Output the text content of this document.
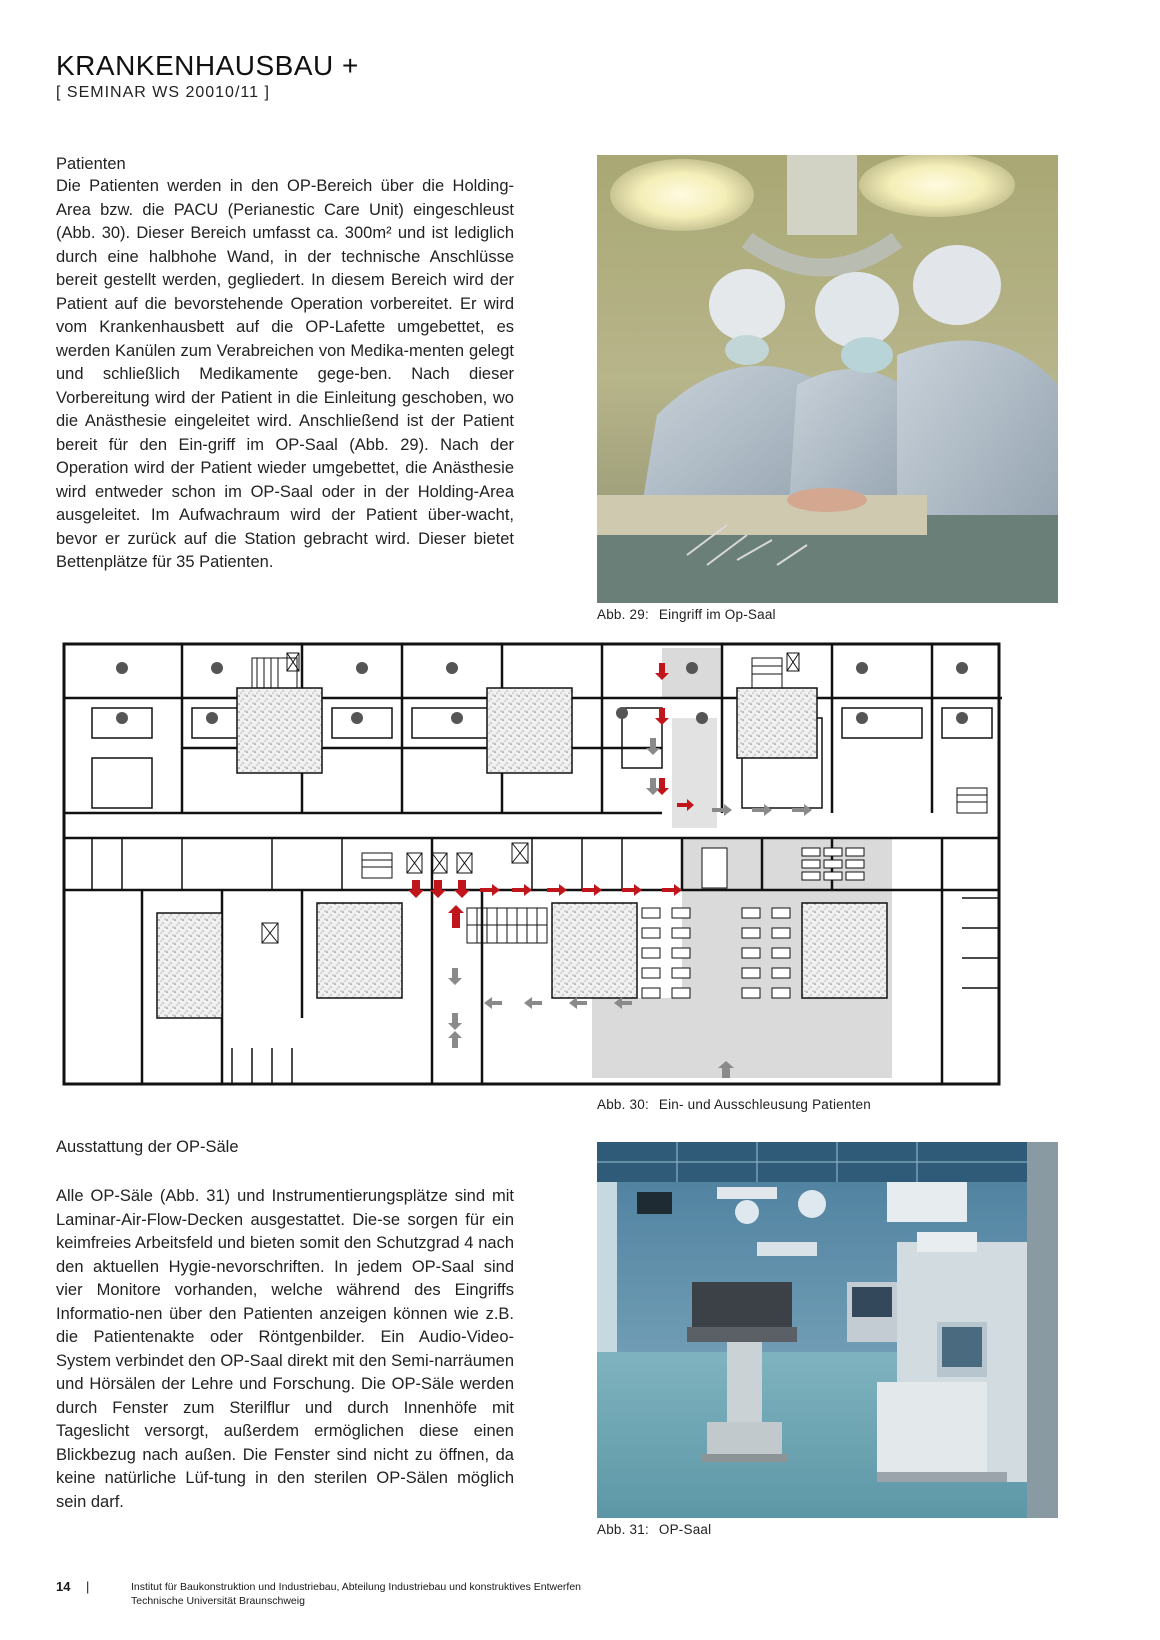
KRANKENHAUSBAU +
[ SEMINAR WS 20010/11 ]
Patienten
Die Patienten werden in den OP-Bereich über die Holding-Area bzw. die PACU (Perianestic Care Unit) eingeschleust (Abb. 30). Dieser Bereich umfasst ca. 300m² und ist lediglich durch eine halbhohe Wand, in der technische Anschlüsse bereit gestellt werden, gegliedert. In diesem Bereich wird der Patient auf die bevorstehende Operation vorbereitet. Er wird vom Krankenhausbett auf die OP-Lafette umgebettet, es werden Kanülen zum Verabreichen von Medika-menten gelegt und schließlich Medikamente gege-ben. Nach dieser Vorbereitung wird der Patient in die Einleitung geschoben, wo die Anästhesie eingeleitet wird. Anschließend ist der Patient bereit für den Ein-griff im OP-Saal (Abb. 29). Nach der Operation wird der Patient wieder umgebettet, die Anästhesie wird entweder schon im OP-Saal oder in der Holding-Area ausgeleitet. Im Aufwachraum wird der Patient über-wacht, bevor er zurück auf die Station gebracht wird. Dieser bietet Bettenplätze für 35 Patienten.
Abb. 29: Eingriff im Op-Saal
Abb. 30: Ein- und Ausschleusung Patienten
Ausstattung der OP-Säle
Alle OP-Säle (Abb. 31) und Instrumentierungsplätze sind mit Laminar-Air-Flow-Decken ausgestattet. Die-se sorgen für ein keimfreies Arbeitsfeld und bieten somit den Schutzgrad 4 nach den aktuellen Hygie-nevorschriften. In jedem OP-Saal sind vier Monitore vorhanden, welche während des Eingriffs Informatio-nen über den Patienten anzeigen können wie z.B. die Patientenakte oder Röntgenbilder. Ein Audio-Video-System verbindet den OP-Saal direkt mit den Semi-narräumen und Hörsälen der Lehre und Forschung. Die OP-Säle werden durch Fenster zum Sterilflur und durch Innenhöfe mit Tageslicht versorgt, außerdem ermöglichen diese einen Blickbezug nach außen. Die Fenster sind nicht zu öffnen, da keine natürliche Lüf-tung in den sterilen OP-Sälen möglich sein darf.
Abb. 31: OP-Saal
14 |	Institut für Baukonstruktion und Industriebau, Abteilung Industriebau und konstruktives Entwerfen
Technische Universität Braunschweig
